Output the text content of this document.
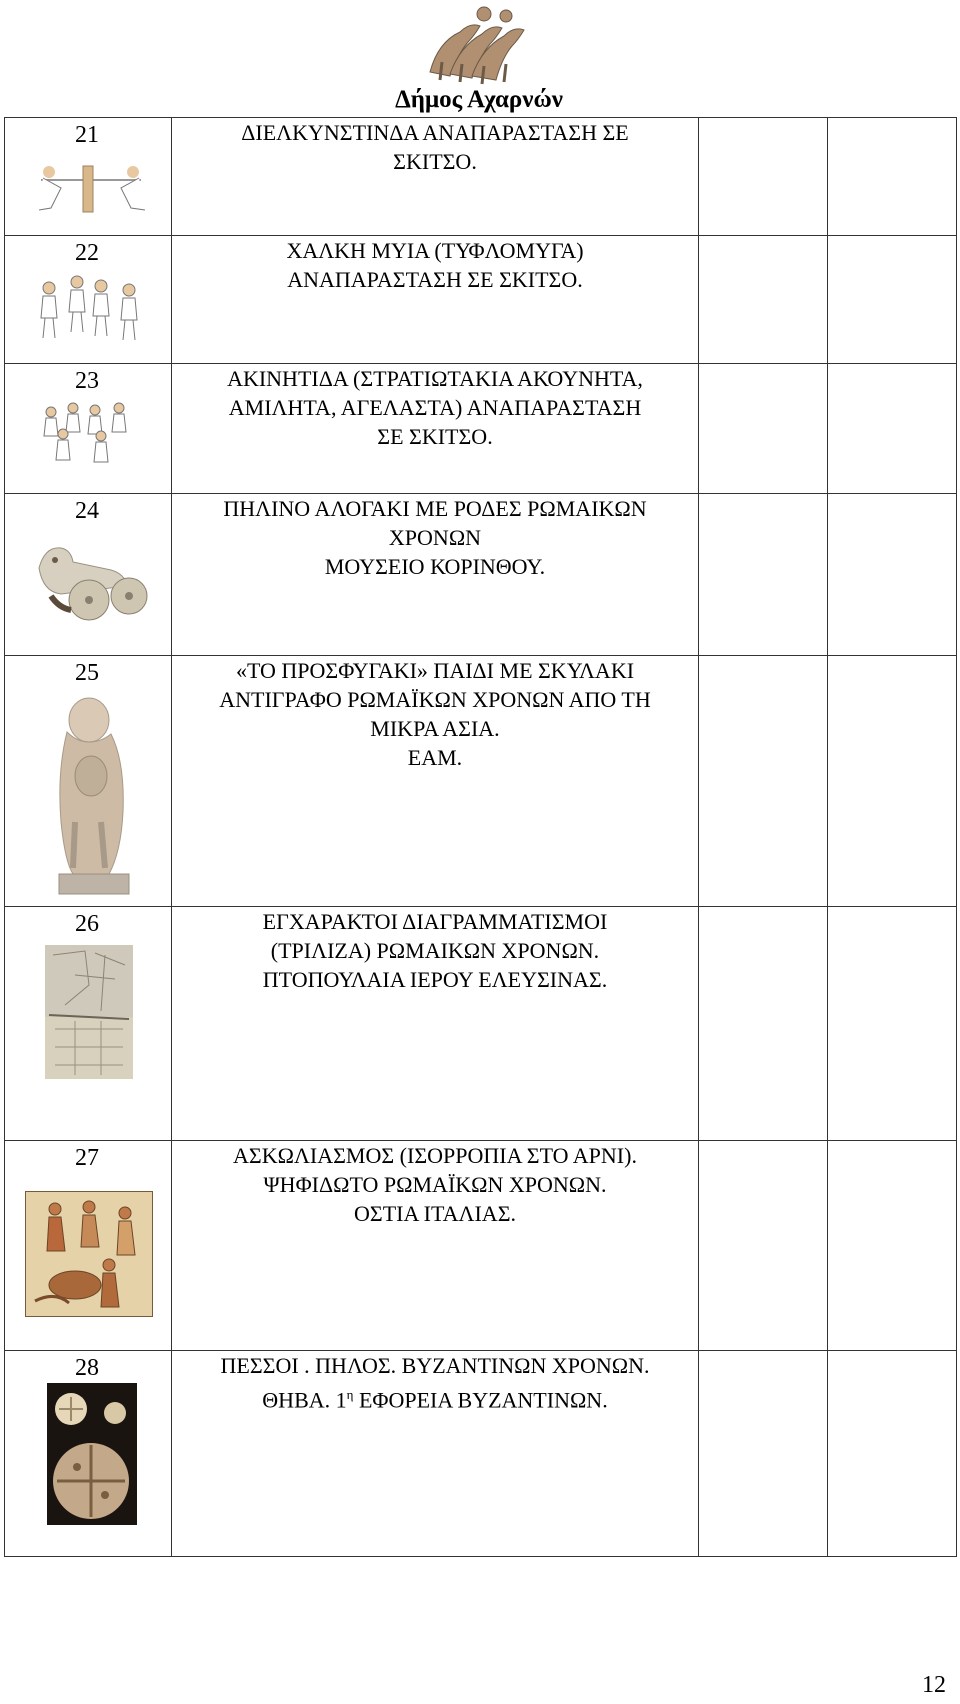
Δήμος Αχαρνών
21	ΔΙΕΛΚΥΝΣΤΙΝΔΑ ΑΝΑΠΑΡΑΣΤΑΣΗ ΣΕ
ΣΚΙΤΣΟ.		

22	ΧΑΛΚΗ ΜΥΙΑ (ΤΥΦΛΟΜΥΓΑ)
ΑΝΑΠΑΡΑΣΤΑΣΗ ΣΕ ΣΚΙΤΣΟ.		

23	ΑΚΙΝΗΤΙΔΑ (ΣΤΡΑΤΙΩΤΑΚΙΑ ΑΚΟΥΝΗΤΑ,
ΑΜΙΛΗΤΑ, ΑΓΕΛΑΣΤΑ) ΑΝΑΠΑΡΑΣΤΑΣΗ
ΣΕ ΣΚΙΤΣΟ.		

24	ΠΗΛΙΝΟ ΑΛΟΓΑΚΙ ΜΕ ΡΟΔΕΣ ΡΩΜΑΙΚΩΝ
ΧΡΟΝΩΝ
ΜΟΥΣΕΙΟ ΚΟΡΙΝΘΟΥ.		

25	«ΤΟ ΠΡΟΣΦΥΓΑΚΙ» ΠΑΙΔΙ ΜΕ ΣΚΥΛΑΚΙ
ΑΝΤΙΓΡΑΦΟ ΡΩΜΑΪΚΩΝ ΧΡΟΝΩΝ ΑΠΟ ΤΗ
ΜΙΚΡΑ ΑΣΙΑ.
ΕΑΜ.		

26	ΕΓΧΑΡΑΚΤΟΙ ΔΙΑΓΡΑΜΜΑΤΙΣΜΟΙ
(ΤΡΙΛΙΖΑ) ΡΩΜΑΙΚΩΝ ΧΡΟΝΩΝ.
ΠΤΟΠΟΥΛΑΙΑ ΙΕΡΟΥ ΕΛΕΥΣΙΝΑΣ.		

27	ΑΣΚΩΛΙΑΣΜΟΣ (ΙΣΟΡΡΟΠΙΑ ΣΤΟ ΑΡΝΙ).
ΨΗΦΙΔΩΤΟ ΡΩΜΑΪΚΩΝ ΧΡΟΝΩΝ.
ΟΣΤΙΑ ΙΤΑΛΙΑΣ.		

28	ΠΕΣΣΟΙ . ΠΗΛΟΣ. ΒΥΖΑΝΤΙΝΩΝ ΧΡΟΝΩΝ.
ΘΗΒΑ. $1^\eta$ ΕΦΟΡΕΙΑ ΒΥΖΑΝΤΙΝΩΝ.		

12
